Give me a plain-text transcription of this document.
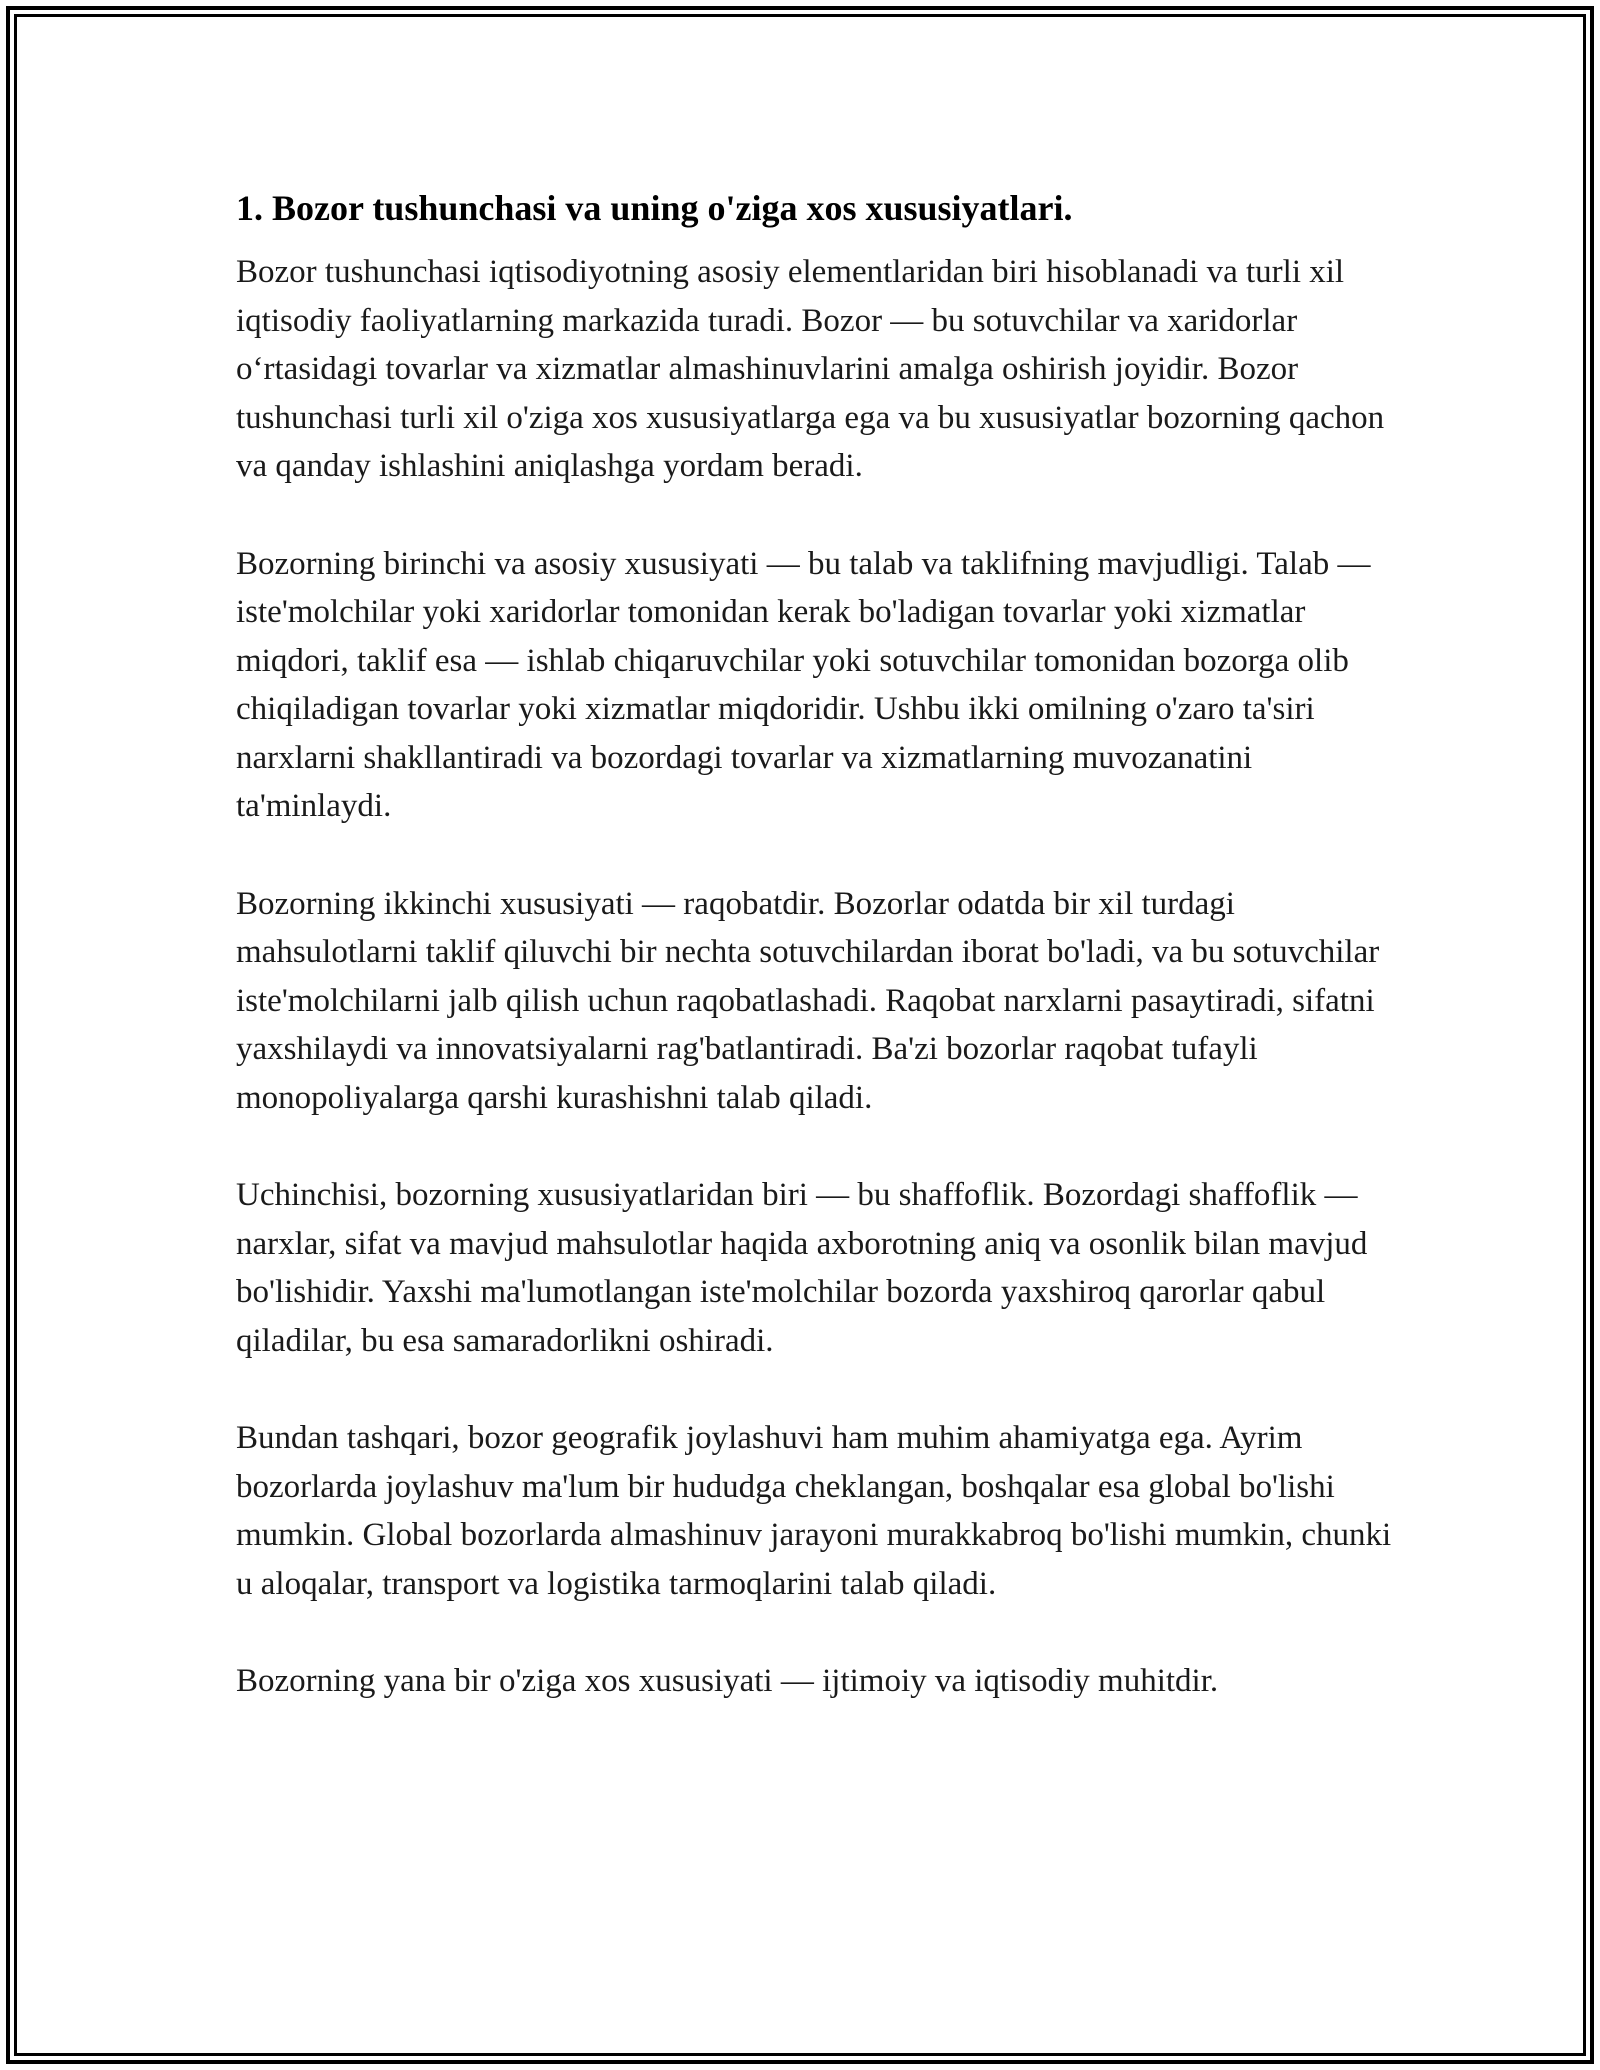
1. Bozor tushunchasi va uning o'ziga xos xususiyatlari.

Bozor tushunchasi iqtisodiyotning asosiy elementlaridan biri hisoblanadi va turli xil iqtisodiy faoliyatlarning markazida turadi. Bozor — bu sotuvchilar va xaridorlar o‘rtasidagi tovarlar va xizmatlar almashinuvlarini amalga oshirish joyidir. Bozor tushunchasi turli xil o'ziga xos xususiyatlarga ega va bu xususiyatlar bozorning qachon va qanday ishlashini aniqlashga yordam beradi.

Bozorning birinchi va asosiy xususiyati — bu talab va taklifning mavjudligi. Talab — iste'molchilar yoki xaridorlar tomonidan kerak bo'ladigan tovarlar yoki xizmatlar miqdori, taklif esa — ishlab chiqaruvchilar yoki sotuvchilar tomonidan bozorga olib chiqiladigan tovarlar yoki xizmatlar miqdoridir. Ushbu ikki omilning o'zaro ta'siri narxlarni shakllantiradi va bozordagi tovarlar va xizmatlarning muvozanatini ta'minlaydi.

Bozorning ikkinchi xususiyati — raqobatdir. Bozorlar odatda bir xil turdagi mahsulotlarni taklif qiluvchi bir nechta sotuvchilardan iborat bo'ladi, va bu sotuvchilar iste'molchilarni jalb qilish uchun raqobatlashadi. Raqobat narxlarni pasaytiradi, sifatni yaxshilaydi va innovatsiyalarni rag'batlantiradi. Ba'zi bozorlar raqobat tufayli monopoliyalarga qarshi kurashishni talab qiladi.

Uchinchisi, bozorning xususiyatlaridan biri — bu shaffoflik. Bozordagi shaffoflik — narxlar, sifat va mavjud mahsulotlar haqida axborotning aniq va osonlik bilan mavjud bo'lishidir. Yaxshi ma'lumotlangan iste'molchilar bozorda yaxshiroq qarorlar qabul qiladilar, bu esa samaradorlikni oshiradi.

Bundan tashqari, bozor geografik joylashuvi ham muhim ahamiyatga ega. Ayrim bozorlarda joylashuv ma'lum bir hududga cheklangan, boshqalar esa global bo'lishi mumkin. Global bozorlarda almashinuv jarayoni murakkabroq bo'lishi mumkin, chunki u aloqalar, transport va logistika tarmoqlarini talab qiladi.

Bozorning yana bir o'ziga xos xususiyati — ijtimoiy va iqtisodiy muhitdir.
